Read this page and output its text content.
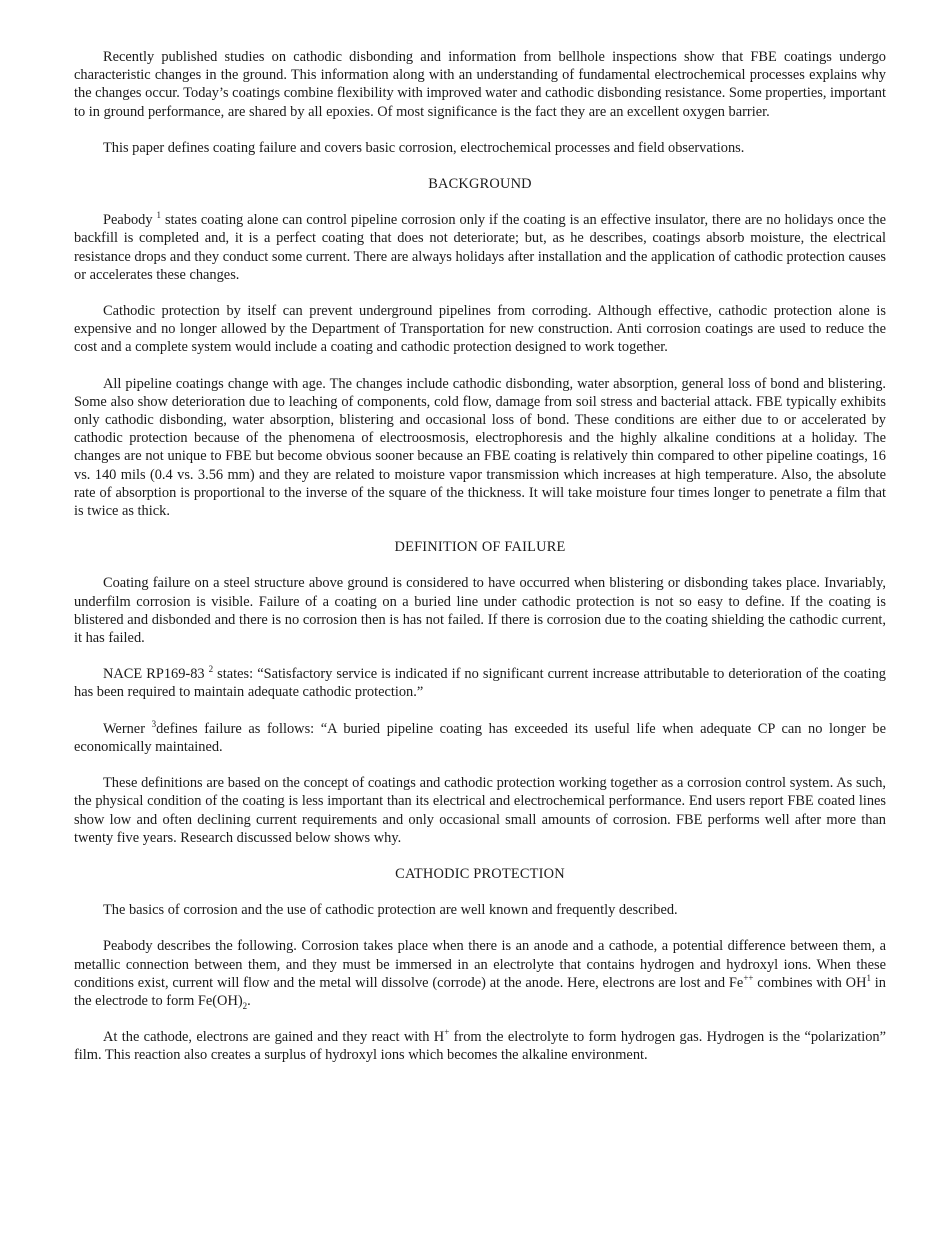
Recently published studies on cathodic disbonding and information from bellhole inspections show that FBE coatings undergo characteristic changes in the ground. This information along with an understanding of fundamental electrochemical processes explains why the changes occur. Today’s coatings combine flexibility with improved water and cathodic disbonding resistance. Some properties, important to in ground performance, are shared by all epoxies. Of most significance is the fact they are an excellent oxygen barrier.

This paper defines coating failure and covers basic corrosion, electrochemical processes and field observations.

BACKGROUND

Peabody $^1$ states coating alone can control pipeline corrosion only if the coating is an effective insulator, there are no holidays once the backfill is completed and, it is a perfect coating that does not deteriorate; but, as he describes, coatings absorb moisture, the electrical resistance drops and they conduct some current. There are always holidays after installation and the application of cathodic protection causes or accelerates these changes.

Cathodic protection by itself can prevent underground pipelines from corroding. Although effective, cathodic protection alone is expensive and no longer allowed by the Department of Transportation for new construction. Anti corrosion coatings are used to reduce the cost and a complete system would include a coating and cathodic protection designed to work together.

All pipeline coatings change with age. The changes include cathodic disbonding, water absorption, general loss of bond and blistering. Some also show deterioration due to leaching of components, cold flow, damage from soil stress and bacterial attack. FBE typically exhibits only cathodic disbonding, water absorption, blistering and occasional loss of bond. These conditions are either due to or accelerated by cathodic protection because of the phenomena of electroosmosis, electrophoresis and the highly alkaline conditions at a holiday. The changes are not unique to FBE but become obvious sooner because an FBE coating is relatively thin compared to other pipeline coatings, 16 vs. 140 mils (0.4 vs. 3.56 mm) and they are related to moisture vapor transmission which increases at high temperature. Also, the absolute rate of absorption is proportional to the inverse of the square of the thickness. It will take moisture four times longer to penetrate a film that is twice as thick.

DEFINITION OF FAILURE

Coating failure on a steel structure above ground is considered to have occurred when blistering or disbonding takes place. Invariably, underfilm corrosion is visible. Failure of a coating on a buried line under cathodic protection is not so easy to define. If the coating is blistered and disbonded and there is no corrosion then is has not failed. If there is corrosion due to the coating shielding the cathodic current, it has failed.

NACE RP169-83 $^2$ states: “Satisfactory service is indicated if no significant current increase attributable to deterioration of the coating has been required to maintain adequate cathodic protection.”

Werner $^3$defines failure as follows: “A buried pipeline coating has exceeded its useful life when adequate CP can no longer be economically maintained.

These definitions are based on the concept of coatings and cathodic protection working together as a corrosion control system. As such, the physical condition of the coating is less important than its electrical and electrochemical performance. End users report FBE coated lines show low and often declining current requirements and only occasional small amounts of corrosion. FBE performs well after more than twenty five years. Research discussed below shows why.

CATHODIC PROTECTION

The basics of corrosion and the use of cathodic protection are well known and frequently described.

Peabody describes the following. Corrosion takes place when there is an anode and a cathode, a potential difference between them, a metallic connection between them, and they must be immersed in an electrolyte that contains hydrogen and hydroxyl ions. When these conditions exist, current will flow and the metal will dissolve (corrode) at the anode. Here, electrons are lost and Fe++ combines with $OH^1$ in the electrode to form $Fe(OH)_2$.

At the cathode, electrons are gained and they react with H+ from the electrolyte to form hydrogen gas. Hydrogen is the “polarization” film. This reaction also creates a surplus of hydroxyl ions which becomes the alkaline environment.
